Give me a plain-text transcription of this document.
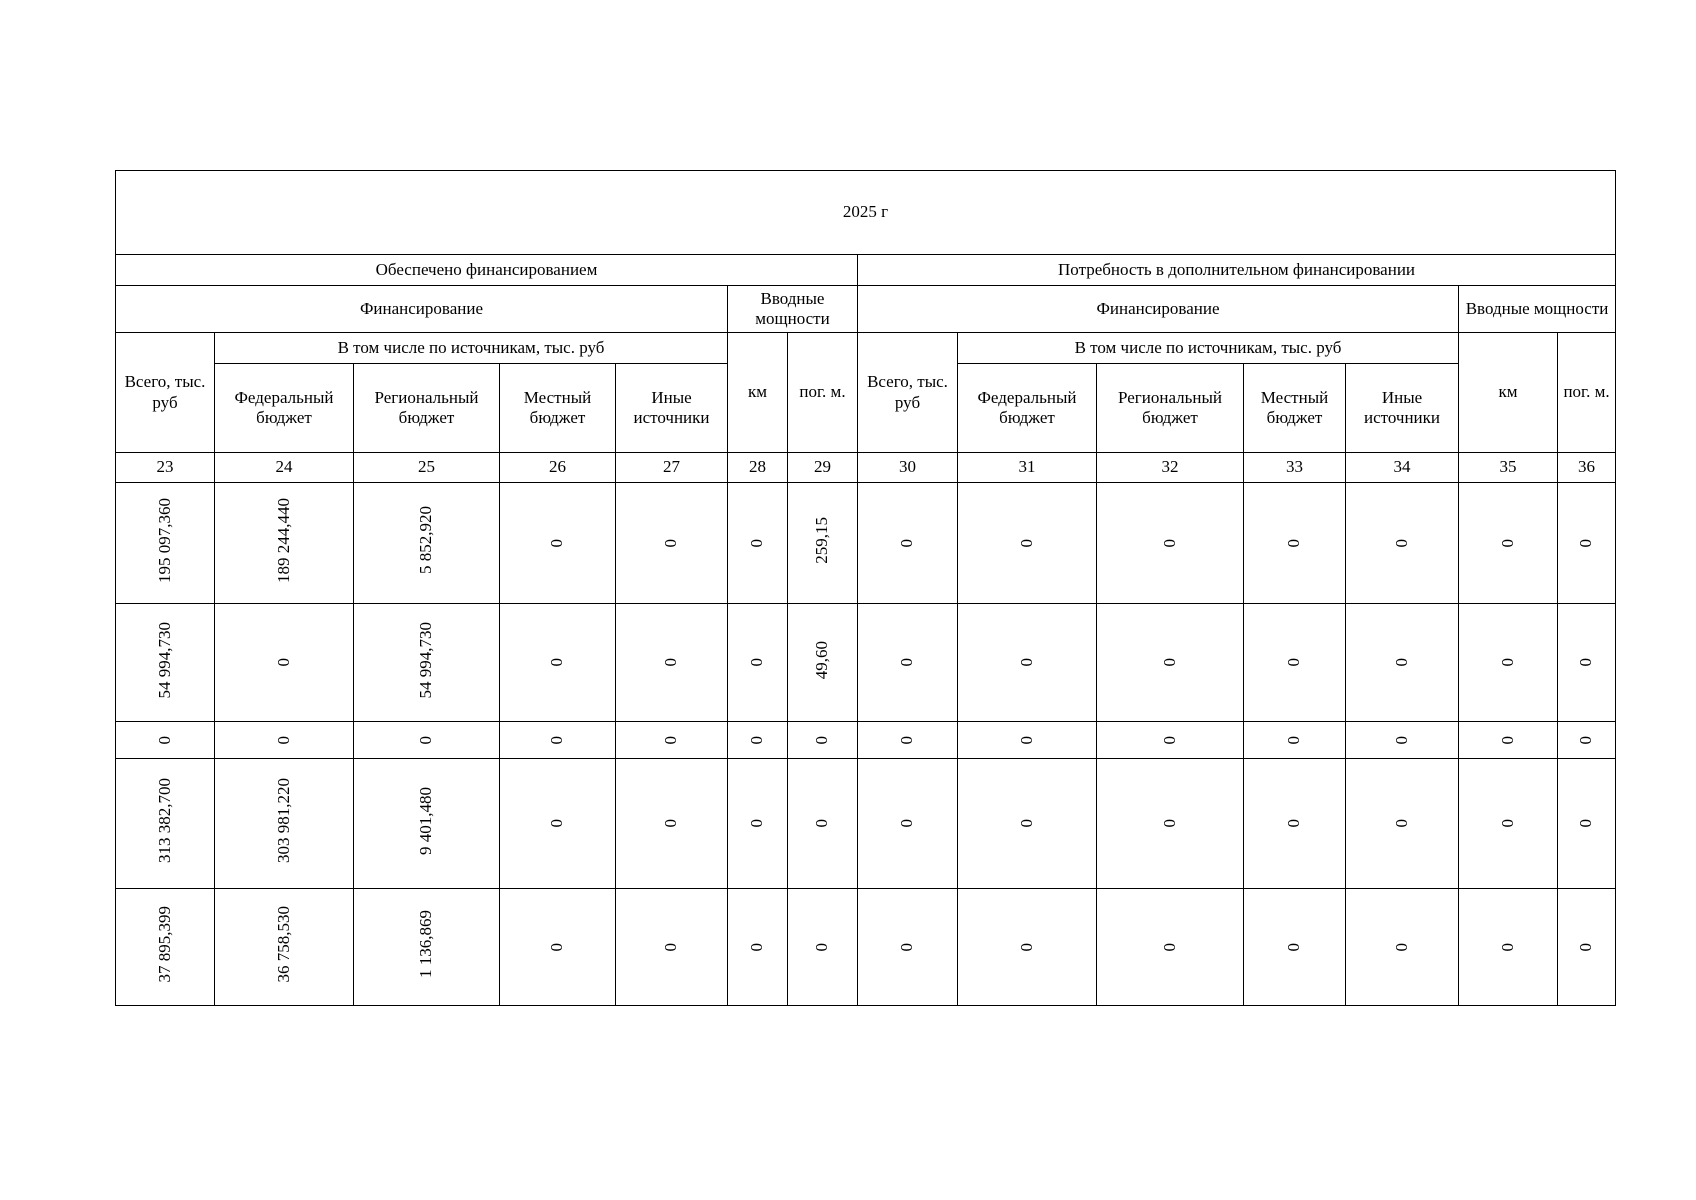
2025 г													
Обеспечено финансированием							Потребность в дополнительном финансировании						
Финансирование					Вводные мощности		Финансирование					Вводные мощности	
Всего, тыс. руб	В том числе по источникам, тыс. руб				км	пог. м.	Всего, тыс. руб	В том числе по источникам, тыс. руб				км	пог. м.
	Федеральный бюджет	Региональный бюджет	Местный бюджет	Иные источники				Федеральный бюджет	Региональный бюджет	Местный бюджет	Иные источники		
23	24	25	26	27	28	29	30	31	32	33	34	35	36
195 097,360	189 244,440	5 852,920	0	0	0	259,15	0	0	0	0	0	0	0
54 994,730	0	54 994,730	0	0	0	49,60	0	0	0	0	0	0	0
0	0	0	0	0	0	0	0	0	0	0	0	0	0
313 382,700	303 981,220	9 401,480	0	0	0	0	0	0	0	0	0	0	0
37 895,399	36 758,530	1 136,869	0	0	0	0	0	0	0	0	0	0	0
